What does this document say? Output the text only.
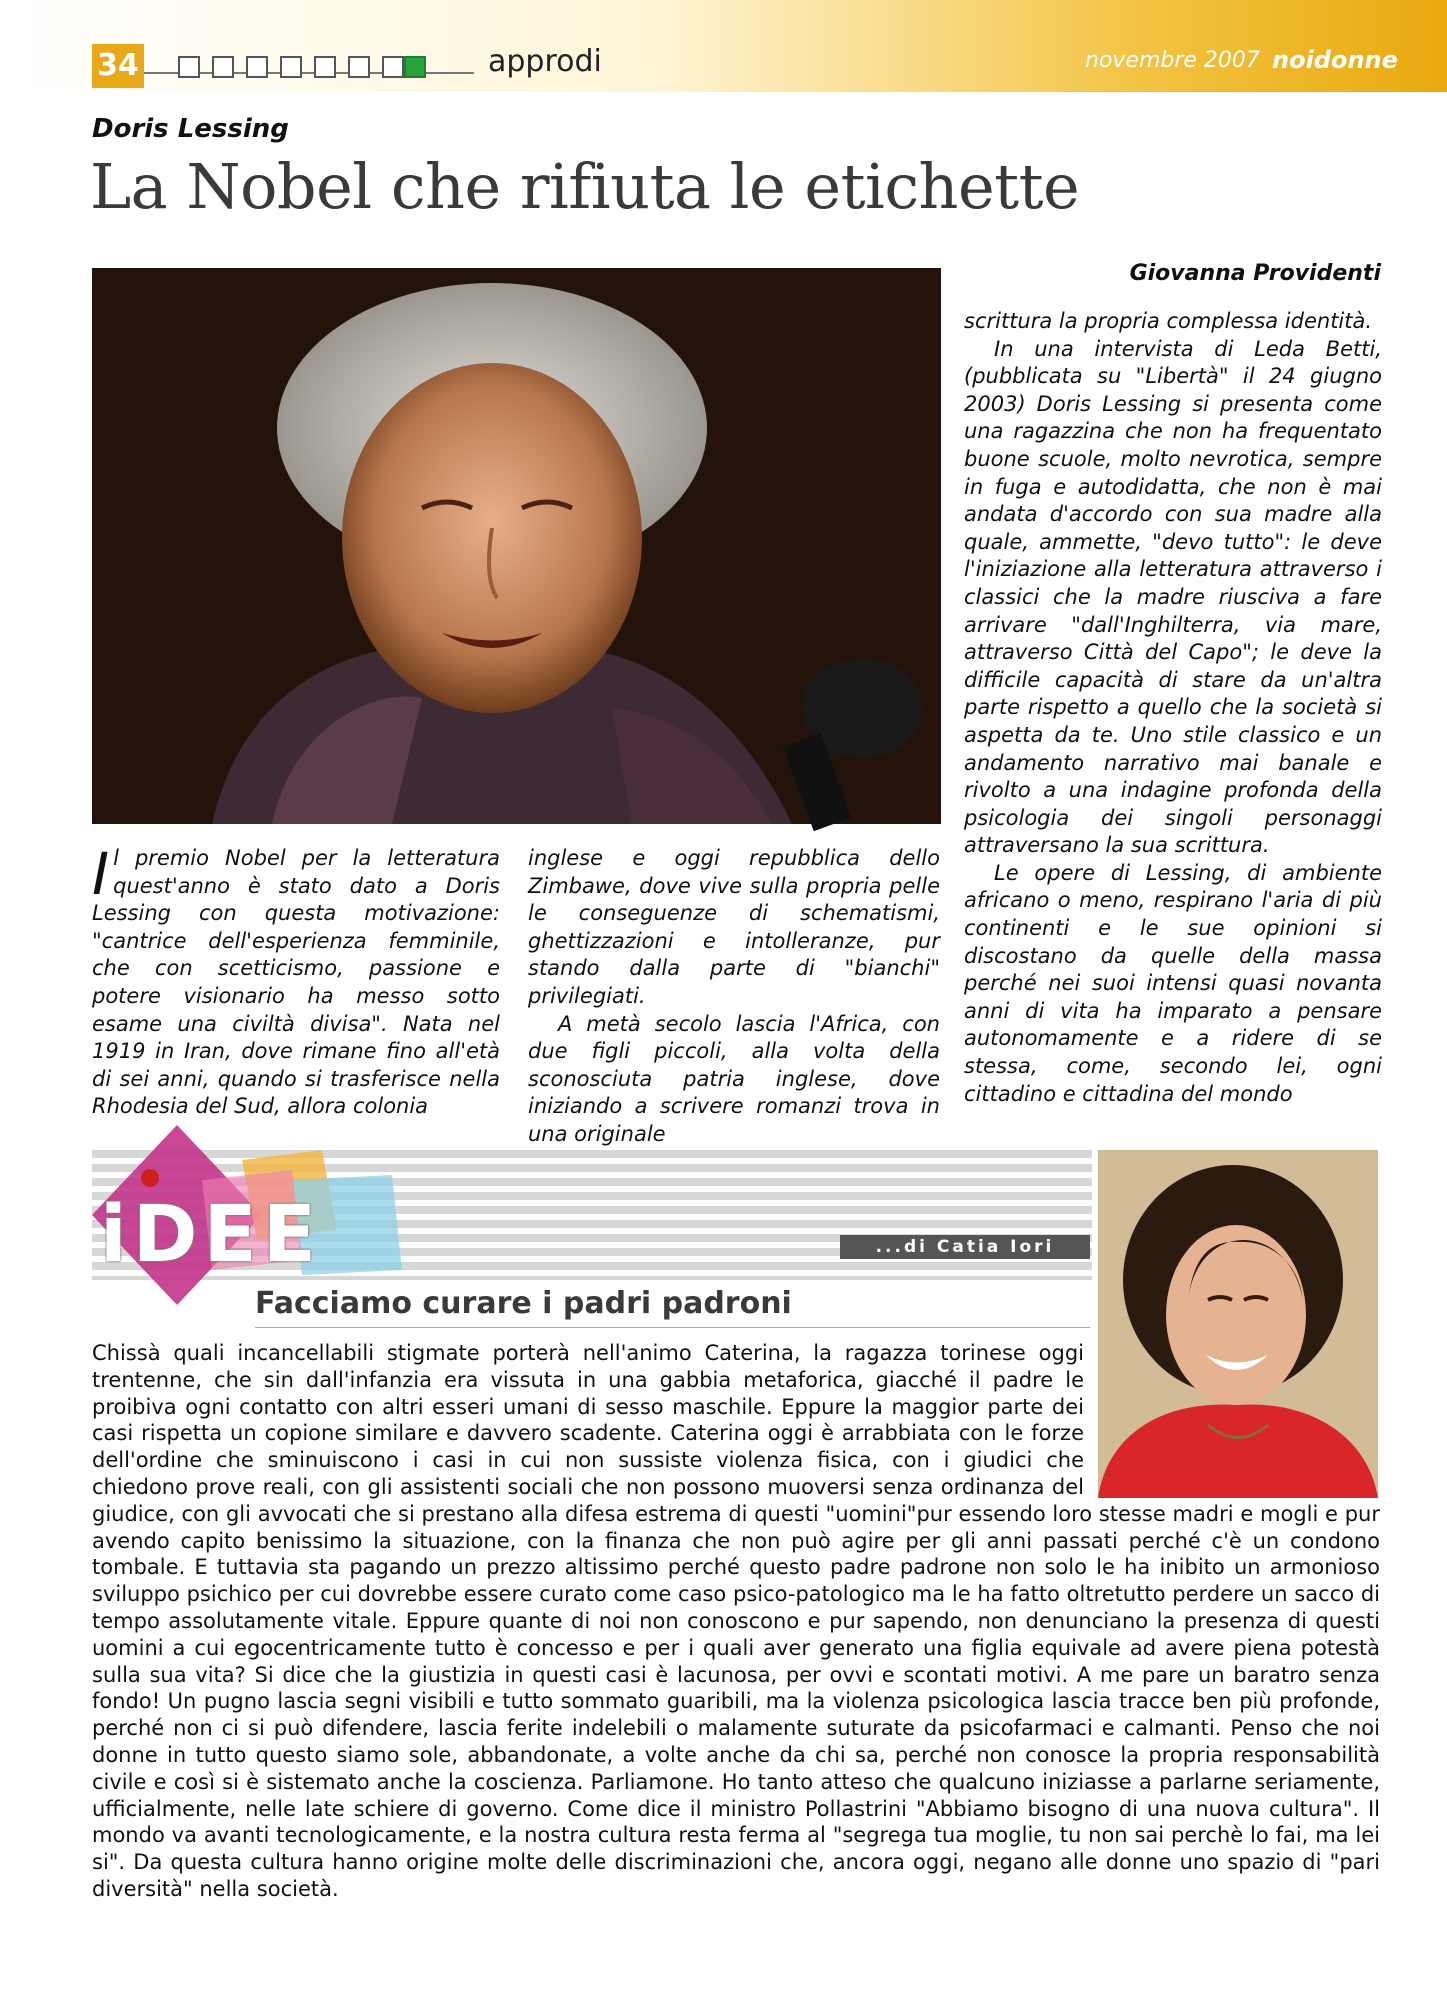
34	approdi	novembre 2007 noidonne
Doris Lessing
La Nobel che rifiuta le etichette
Giovanna Providenti

Il premio Nobel per la letteratura quest'anno è stato dato a Doris Lessing con questa motivazione: "cantrice dell'esperienza femminile, che con scetticismo, passione e potere visionario ha messo sotto esame una civiltà divisa". Nata nel 1919 in Iran, dove rimane fino all'età di sei anni, quando si trasferisce nella Rhodesia del Sud, allora colonia

inglese e oggi repubblica dello Zimbawe, dove vive sulla propria pelle le conseguenze di schematismi, ghettizzazioni e intolleranze, pur stando dalla parte di "bianchi" privilegiati.

A metà secolo lascia l'Africa, con due figli piccoli, alla volta della sconosciuta patria inglese, dove iniziando a scrivere romanzi trova in una originale

scrittura la propria complessa identità.

In una intervista di Leda Betti, (pubblicata su "Libertà" il 24 giugno 2003) Doris Lessing si presenta come una ragazzina che non ha frequentato buone scuole, molto nevrotica, sempre in fuga e autodidatta, che non è mai andata d'accordo con sua madre alla quale, ammette, "devo tutto": le deve l'iniziazione alla letteratura attraverso i classici che la madre riusciva a fare arrivare "dall'Inghilterra, via mare, attraverso Città del Capo"; le deve la difficile capacità di stare da un'altra parte rispetto a quello che la società si aspetta da te. Uno stile classico e un andamento narrativo mai banale e rivolto a una indagine profonda della psicologia dei singoli personaggi attraversano la sua scrittura.

Le opere di Lessing, di ambiente africano o meno, respirano l'aria di più continenti e le sue opinioni si discostano da quelle della massa perché nei suoi intensi quasi novanta anni di vita ha imparato a pensare autonomamente e a ridere di se stessa, come, secondo lei, ogni cittadino e cittadina del mondo

iDEE	...di Catia Iori
Facciamo curare i padri padroni

Chissà quali incancellabili stigmate porterà nell'animo Caterina, la ragazza torinese oggi trentenne, che sin dall'infanzia era vissuta in una gabbia metaforica, giacché il padre le proibiva ogni contatto con altri esseri umani di sesso maschile. Eppure la maggior parte dei casi rispetta un copione similare e davvero scadente. Caterina oggi è arrabbiata con le forze dell'ordine che sminuiscono i casi in cui non sussiste violenza fisica, con i giudici che chiedono prove reali, con gli assistenti sociali che non possono muoversi senza ordinanza del giudice, con gli avvocati che si prestano alla difesa estrema di questi "uomini"pur essendo loro stesse madri e mogli e pur avendo capito benissimo la situazione, con la finanza che non può agire per gli anni passati perché c'è un condono tombale. E tuttavia sta pagando un prezzo altissimo perché questo padre padrone non solo le ha inibito un armonioso sviluppo psichico per cui dovrebbe essere curato come caso psico-patologico ma le ha fatto oltretutto perdere un sacco di tempo assolutamente vitale. Eppure quante di noi non conoscono e pur sapendo, non denunciano la presenza di questi uomini a cui egocentricamente tutto è concesso e per i quali aver generato una figlia equivale ad avere piena potestà sulla sua vita? Si dice che la giustizia in questi casi è lacunosa, per ovvi e scontati motivi. A me pare un baratro senza fondo! Un pugno lascia segni visibili e tutto sommato guaribili, ma la violenza psicologica lascia tracce ben più profonde, perché non ci si può difendere, lascia ferite indelebili o malamente suturate da psicofarmaci e calmanti. Penso che noi donne in tutto questo siamo sole, abbandonate, a volte anche da chi sa, perché non conosce la propria responsabilità civile e così si è sistemato anche la coscienza. Parliamone. Ho tanto atteso che qualcuno iniziasse a parlarne seriamente, ufficialmente, nelle late schiere di governo. Come dice il ministro Pollastrini "Abbiamo bisogno di una nuova cultura". Il mondo va avanti tecnologicamente, e la nostra cultura resta ferma al "segrega tua moglie, tu non sai perchè lo fai, ma lei si". Da questa cultura hanno origine molte delle discriminazioni che, ancora oggi, negano alle donne uno spazio di "pari diversità" nella società.
